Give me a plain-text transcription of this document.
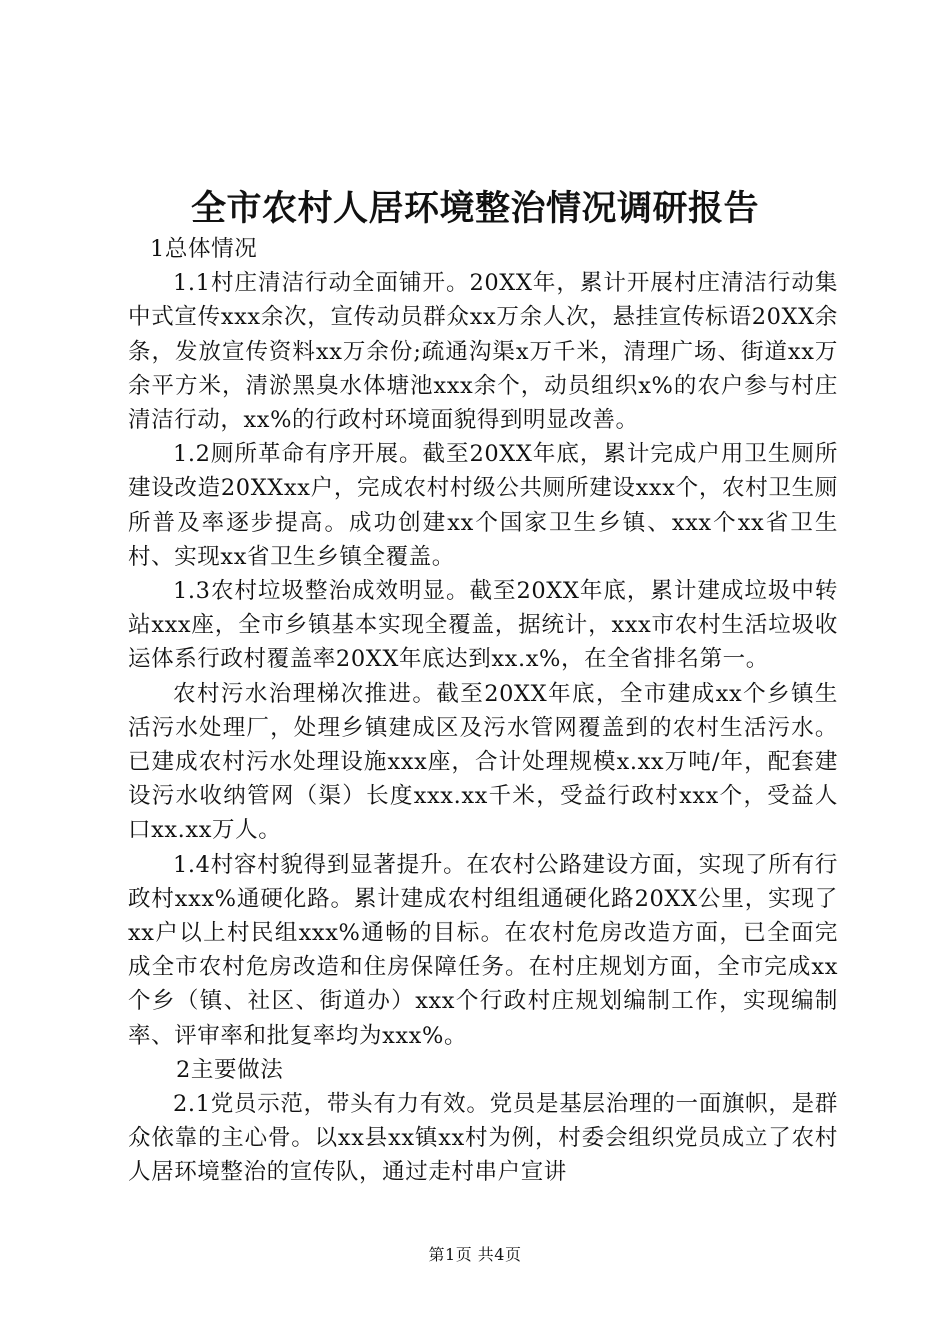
全市农村人居环境整治情况调研报告

1总体情况

1.1村庄清洁行动全面铺开。20XX年，累计开展村庄清洁行动集中式宣传xxx余次，宣传动员群众xx万余人次，悬挂宣传标语20XX余条，发放宣传资料xx万余份;疏通沟渠x万千米，清理广场、街道xx万余平方米，清淤黑臭水体塘池xxx余个，动员组织x%的农户参与村庄清洁行动，xx%的行政村环境面貌得到明显改善。

1.2厕所革命有序开展。截至20XX年底，累计完成户用卫生厕所建设改造20XXxx户，完成农村村级公共厕所建设xxx个，农村卫生厕所普及率逐步提高。成功创建xx个国家卫生乡镇、xxx个xx省卫生村、实现xx省卫生乡镇全覆盖。

1.3农村垃圾整治成效明显。截至20XX年底，累计建成垃圾中转站xxx座，全市乡镇基本实现全覆盖，据统计，xxx市农村生活垃圾收运体系行政村覆盖率20XX年底达到xx.x%，在全省排名第一。

农村污水治理梯次推进。截至20XX年底，全市建成xx个乡镇生活污水处理厂，处理乡镇建成区及污水管网覆盖到的农村生活污水。已建成农村污水处理设施xxx座，合计处理规模x.xx万吨/年，配套建设污水收纳管网（渠）长度xxx.xx千米，受益行政村xxx个，受益人口xx.xx万人。

1.4村容村貌得到显著提升。在农村公路建设方面，实现了所有行政村xxx%通硬化路。累计建成农村组组通硬化路20XX公里，实现了xx户以上村民组xxx%通畅的目标。在农村危房改造方面，已全面完成全市农村危房改造和住房保障任务。在村庄规划方面，全市完成xx个乡（镇、社区、街道办）xxx个行政村庄规划编制工作，实现编制率、评审率和批复率均为xxx%。

2主要做法

2.1党员示范，带头有力有效。党员是基层治理的一面旗帜，是群众依靠的主心骨。以xx县xx镇xx村为例，村委会组织党员成立了农村人居环境整治的宣传队，通过走村串户宣讲

第1页 共4页
